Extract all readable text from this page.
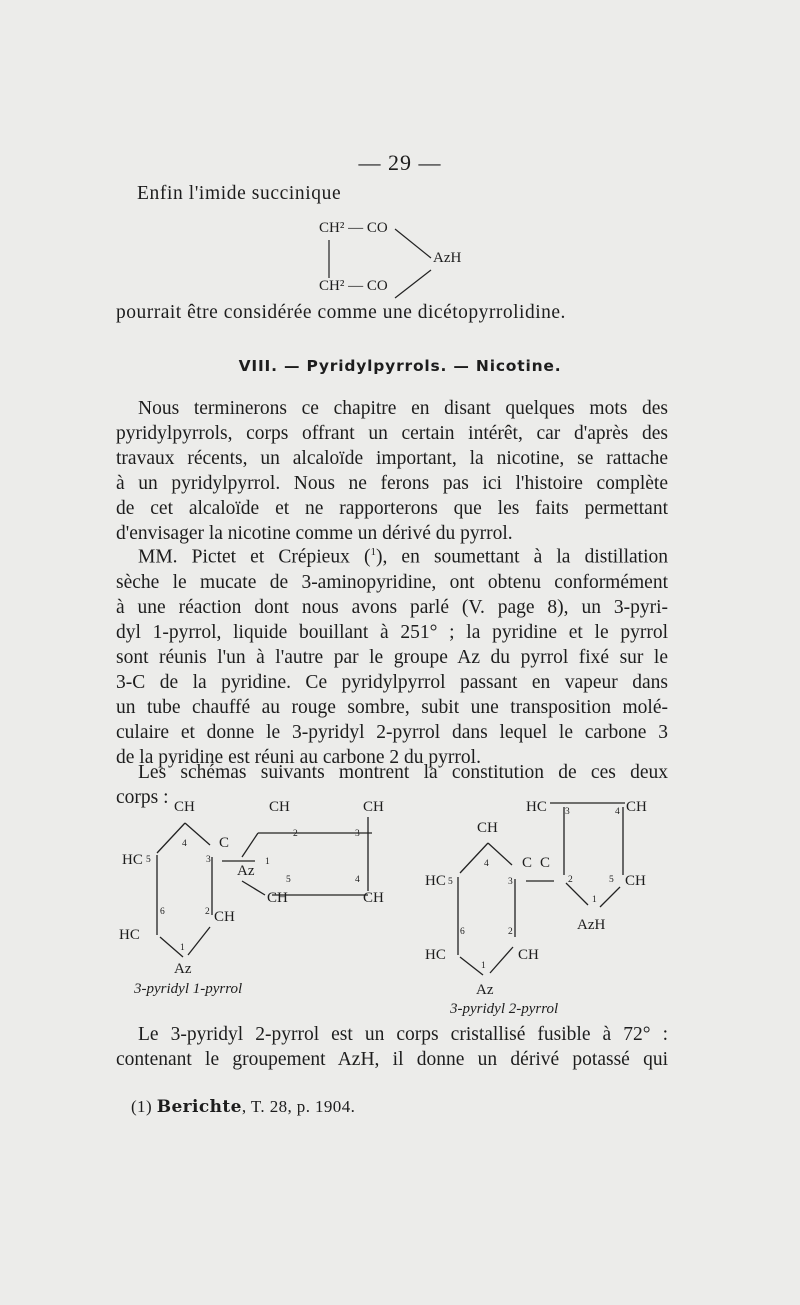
— 29 —
Enfin l'imide succinique
CH² — CO
CH² — CO
AzH
pourrait être considérée comme une dicétopyrrolidine.
VIII. — Pyridylpyrrols. — Nicotine.
Nous terminerons ce chapitre en disant quelques mots des
pyridylpyrrols, corps offrant un certain intérêt, car d'après des
travaux récents, un alcaloïde important, la nicotine, se rattache
à un pyridylpyrrol. Nous ne ferons pas ici l'histoire complète
de cet alcaloïde et ne rapporterons que les faits permettant
d'envisager la nicotine comme un dérivé du pyrrol.
MM. Pictet et Crépieux ($^1$), en soumettant à la distillation
sèche le mucate de 3-aminopyridine, ont obtenu conformément
à une réaction dont nous avons parlé (V. page 8), un 3-pyri-
dyl 1-pyrrol, liquide bouillant à 251° ; la pyridine et le pyrrol
sont réunis l'un à l'autre par le groupe Az du pyrrol fixé sur le
3-C de la pyridine. Ce pyridylpyrrol passant en vapeur dans
un tube chauffé au rouge sombre, subit une transposition molé-
culaire et donne le 3-pyridyl 2-pyrrol dans lequel le carbone 3
de la pyridine est réuni au carbone 2 du pyrrol.
Les schémas suivants montrent la constitution de ces deux
corps : CH	CH	CH
4 C
2	3
HC 5	3	1
Az
5	4
CH	CH
6	2 CH
HC
1
Az
3-pyridyl 1-pyrrol
HC 3	4 CH
CH
4 C C
HC 5	3	2	5 CH
1
AzH
6	2
HC	CH
1
Az
3-pyridyl 2-pyrrol
Le 3-pyridyl 2-pyrrol est un corps cristallisé fusible à 72° :
contenant le groupement AzH, il donne un dérivé potassé qui
(1) Berichte, T. 28, p. 1904.
